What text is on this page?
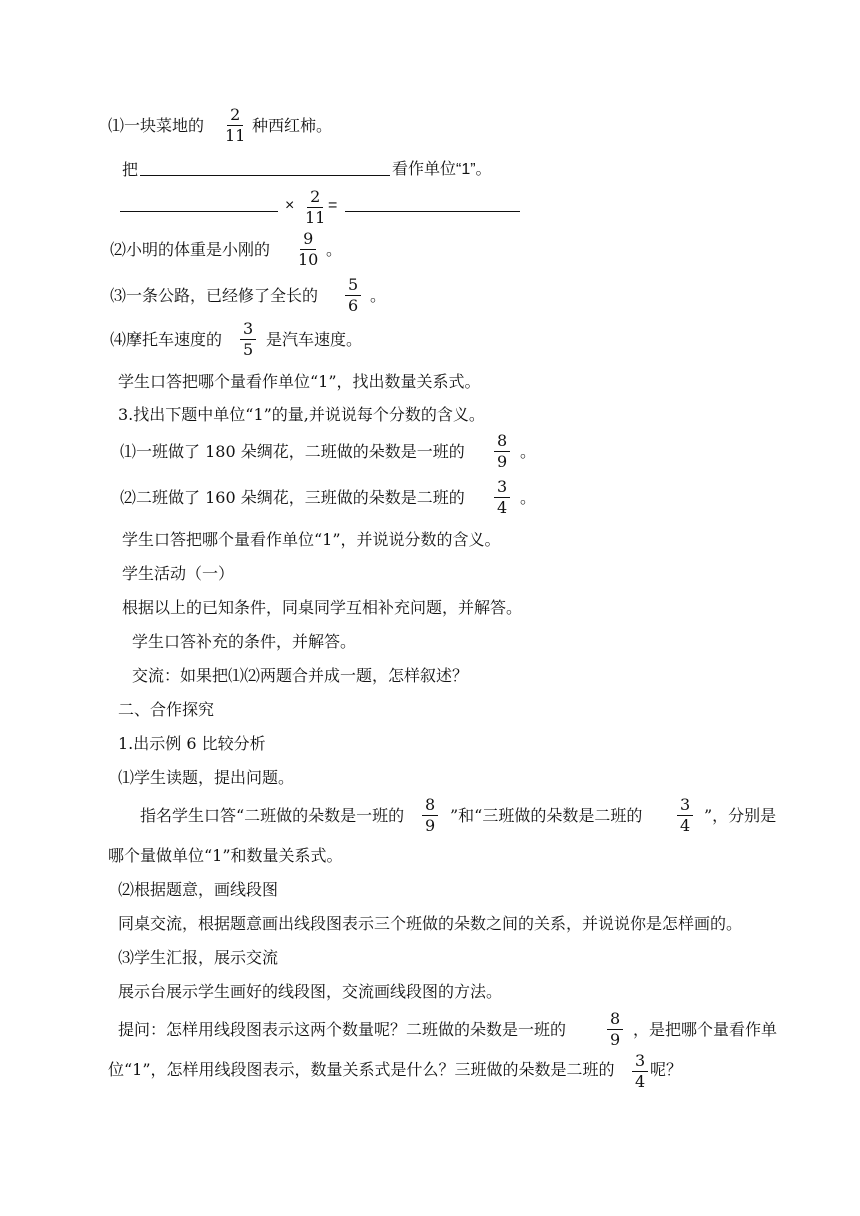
⑴一块菜地的 $\frac{2}{11}$ 种西红柿。
把	看作单位“1”。
× $\frac{2}{11}$ =
⑵小明的体重是小刚的 $\frac{9}{10}$ 。
⑶一条公路，已经修了全长的 $\frac{5}{6}$ 。
⑷摩托车速度的 $\frac{3}{5}$ 是汽车速度。
学生口答把哪个量看作单位“1”，找出数量关系式。
3.找出下题中单位“1”的量,并说说每个分数的含义。
⑴一班做了 180 朵绸花，二班做的朵数是一班的 $\frac{8}{9}$ 。
⑵二班做了 160 朵绸花，三班做的朵数是二班的 $\frac{3}{4}$ 。
学生口答把哪个量看作单位“1”，并说说分数的含义。
学生活动（一）
根据以上的已知条件，同桌同学互相补充问题，并解答。
学生口答补充的条件，并解答。
交流：如果把⑴⑵两题合并成一题，怎样叙述？
二、合作探究
1.出示例 6 比较分析
⑴学生读题，提出问题。
指名学生口答“二班做的朵数是一班的 $\frac{8}{9}$ ”和“三班做的朵数是二班的 $\frac{3}{4}$ ”，分别是
哪个量做单位“1”和数量关系式。
⑵根据题意，画线段图
同桌交流，根据题意画出线段图表示三个班做的朵数之间的关系，并说说你是怎样画的。
⑶学生汇报，展示交流
展示台展示学生画好的线段图，交流画线段图的方法。
提问：怎样用线段图表示这两个数量呢？二班做的朵数是一班的	$\frac{8}{9}$ ，是把哪个量看作单
位“1”，怎样用线段图表示，数量关系式是什么？三班做的朵数是二班的 $\frac{3}{4}$ 呢？
